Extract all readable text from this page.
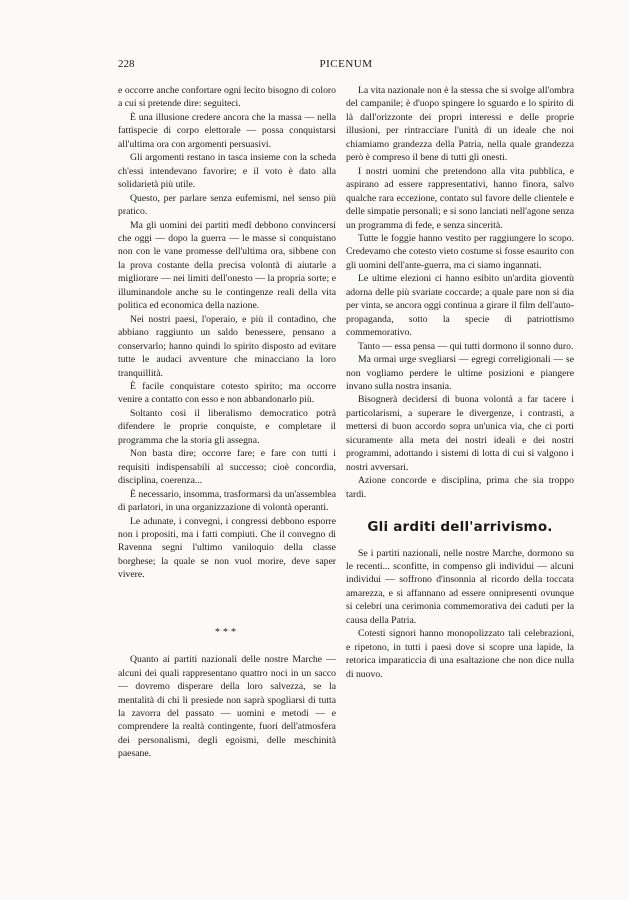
228	PICENUM

e occorre anche confortare ogni lecito bisogno di coloro a cui si pretende dire: seguiteci.

È una illusione credere ancora che la massa — nella fattispecie di corpo elettorale — possa conquistarsi all'ultima ora con argomenti persuasivi.

Gli argomenti restano in tasca insieme con la scheda ch'essi intendevano favorire; e il voto è dato alla solidarietà più utile.

Questo, per parlare senza eufemismi, nel senso più pratico.

Ma gli uomini dei partiti medî debbono convincersi che oggi — dopo la guerra — le masse si conquistano non con le vane promesse dell'ultima ora, sibbene con la prova costante della precisa volontà di aiutarle a migliorare — nei limiti dell'onesto — la propria sorte; e illuminandole anche su le contingenze reali della vita politica ed economica della nazione.

Nei nostri paesi, l'operaio, e più il contadino, che abbiano raggiunto un saldo benessere, pensano a conservarlo; hanno quindi lo spirito disposto ad evitare tutte le audaci avventure che minacciano la loro tranquillità.

È facile conquistare cotesto spirito; ma occorre venire a contatto con esso e non abbandonarlo più.

Soltanto così il liberalismo democratico potrà difendere le proprie conquiste, e completare il programma che la storia gli assegna.

Non basta dire; occorre fare; e fare con tutti i requisiti indispensabili al successo; cioè concordia, disciplina, coerenza...

È necessario, insomma, trasformarsi da un'assemblea di parlatori, in una organizzazione di volontà operanti.

Le adunate, i convegni, i congressi debbono esporre non i propositi, ma i fatti compiuti. Che il convegno di Ravenna segni l'ultimo vaniloquio della classe borghese; la quale se non vuol morire, deve saper vivere.

***

Quanto ai partiti nazionali delle nostre Marche — alcuni dei quali rappresentano quattro noci in un sacco — dovremo disperare della loro salvezza, se la mentalità di chi li presiede non saprà spogliarsi di tutta la zavorra del passato — uomini e metodi — e comprendere la realtà contingente, fuori dell'atmosfera dei personalismi, degli egoismi, delle meschinità paesane.

La vita nazionale non è la stessa che si svolge all'ombra del campanile; è d'uopo spingere lo sguardo e lo spirito di là dall'orizzonte dei propri interessi e delle proprie illusioni, per rintracciare l'unità di un ideale che noi chiamiamo grandezza della Patria, nella quale grandezza però è compreso il bene di tutti gli onesti.

I nostri uomini che pretendono alla vita pubblica, e aspirano ad essere rappresentativi, hanno finora, salvo qualche rara eccezione, contato sul favore delle clientele e delle simpatie personali; e si sono lanciati nell'agone senza un programma di fede, e senza sincerità.

Tutte le foggie hanno vestito per raggiungere lo scopo. Credevamo che cotesto vieto costume si fosse esaurito con gli uomini dell'ante-guerra, ma ci siamo ingannati.

Le ultime elezioni ci hanno esibito un'ardita gioventù adorna delle più svariate coccarde; a quale pare non si dia per vinta, se ancora oggi continua a girare il film dell'auto-propaganda, sotto la specie di patriottismo commemorativo.

Tanto — essa pensa — qui tutti dormono il sonno duro.

Ma ormai urge svegliarsi — egregi correligionali — se non vogliamo perdere le ultime posizioni e piangere invano sulla nostra insania.

Bisognerà decidersi di buona volontà a far tacere i particolarismi, a superare le divergenze, i contrasti, a mettersi di buon accordo sopra un'unica via, che ci porti sicuramente alla meta dei nostri ideali e dei nostri programmi, adottando i sistemi di lotta di cui si valgono i nostri avversari.

Azione concorde e disciplina, prima che sia troppo tardi.

Gli arditi dell'arrivismo.

Se i partiti nazionali, nelle nostre Marche, dormono su le recenti... sconfitte, in compenso gli individui — alcuni individui — soffrono d'insonnia al ricordo della toccata amarezza, e si affannano ad essere onnipresenti ovunque si celebri una cerimonia commemorativa dei caduti per la causa della Patria.

Cotesti signori hanno monopolizzato tali celebrazioni, e ripetono, in tutti i paesi dove si scopre una lapide, la retorica imparaticcia di una esaltazione che non dice nulla di nuovo.
